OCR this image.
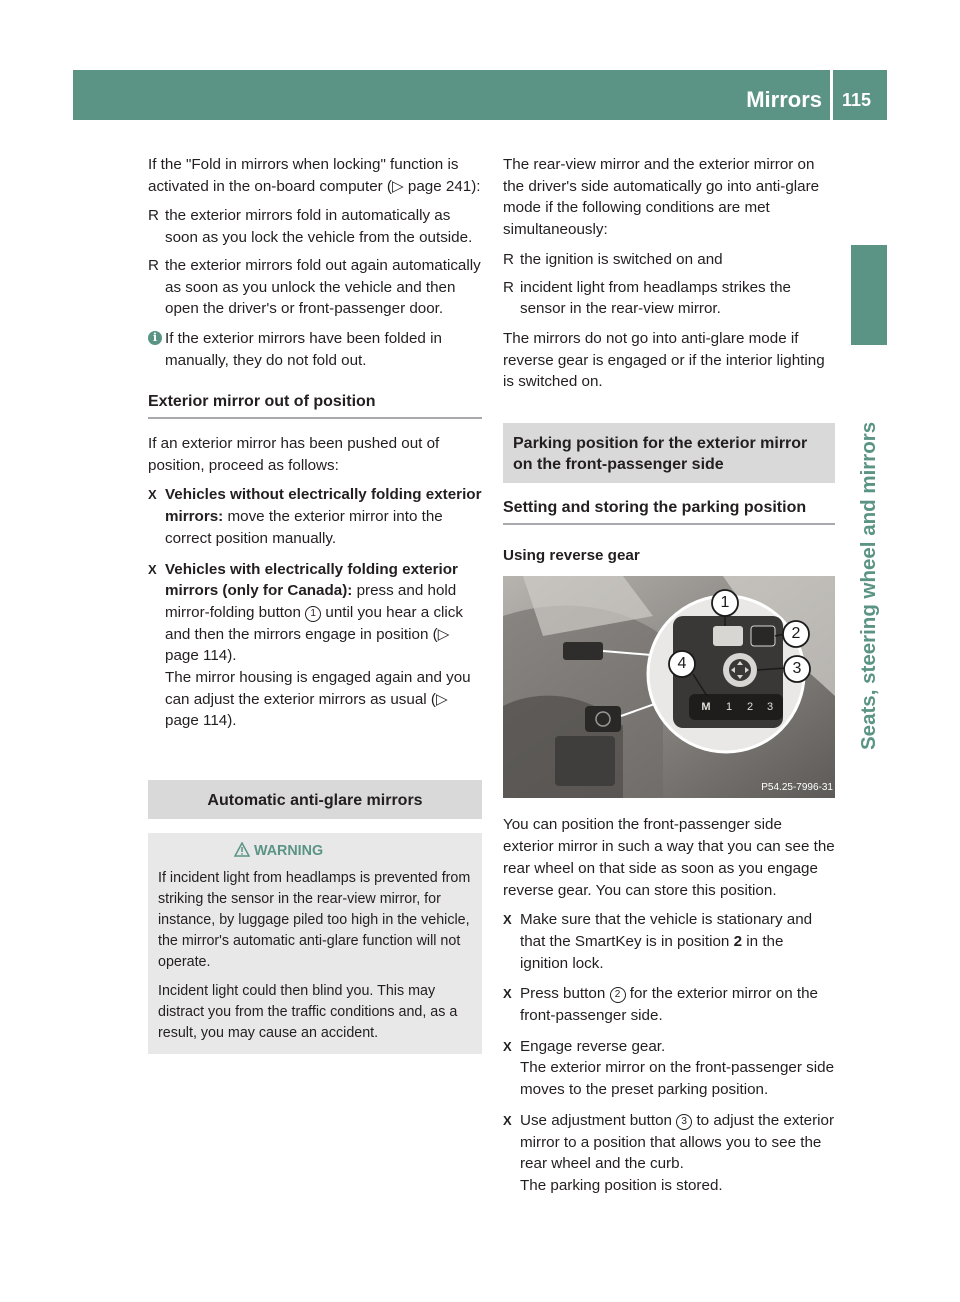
Mirrors 115
Seats, steering wheel and mirrors

If the "Fold in mirrors when locking" function is activated in the on-board computer (▷ page 241):

R the exterior mirrors fold in automatically as soon as you lock the vehicle from the outside.
R the exterior mirrors fold out again automatically as soon as you unlock the vehicle and then open the driver's or front-passenger door.
i If the exterior mirrors have been folded in manually, they do not fold out.
Exterior mirror out of position

If an exterior mirror has been pushed out of position, proceed as follows:

X Vehicles without electrically folding exterior mirrors: move the exterior mirror into the correct position manually.
X Vehicles with electrically folding exterior mirrors (only for Canada): press and hold mirror-folding button 1 until you hear a click and then the mirrors engage in position (▷ page 114).
The mirror housing is engaged again and you can adjust the exterior mirrors as usual (▷ page 114).
Automatic anti-glare mirrors
WARNING

If incident light from headlamps is prevented from striking the sensor in the rear-view mirror, for instance, by luggage piled too high in the vehicle, the mirror's automatic anti-glare function will not operate.

Incident light could then blind you. This may distract you from the traffic conditions and, as a result, you may cause an accident.

The rear-view mirror and the exterior mirror on the driver's side automatically go into anti-glare mode if the following conditions are met simultaneously:

R the ignition is switched on and
R incident light from headlamps strikes the sensor in the rear-view mirror.

The mirrors do not go into anti-glare mode if reverse gear is engaged or if the interior lighting is switched on.

Parking position for the exterior mirror on the front-passenger side
Setting and storing the parking position
Using reverse gear
1
2
3
4
M	1	2	3
P54.25-7996-31

You can position the front-passenger side exterior mirror in such a way that you can see the rear wheel on that side as soon as you engage reverse gear. You can store this position.

X Make sure that the vehicle is stationary and that the SmartKey is in position 2 in the ignition lock.
X Press button 2 for the exterior mirror on the front-passenger side.
X Engage reverse gear.
The exterior mirror on the front-passenger side moves to the preset parking position.
X Use adjustment button 3 to adjust the exterior mirror to a position that allows you to see the rear wheel and the curb.
The parking position is stored.
